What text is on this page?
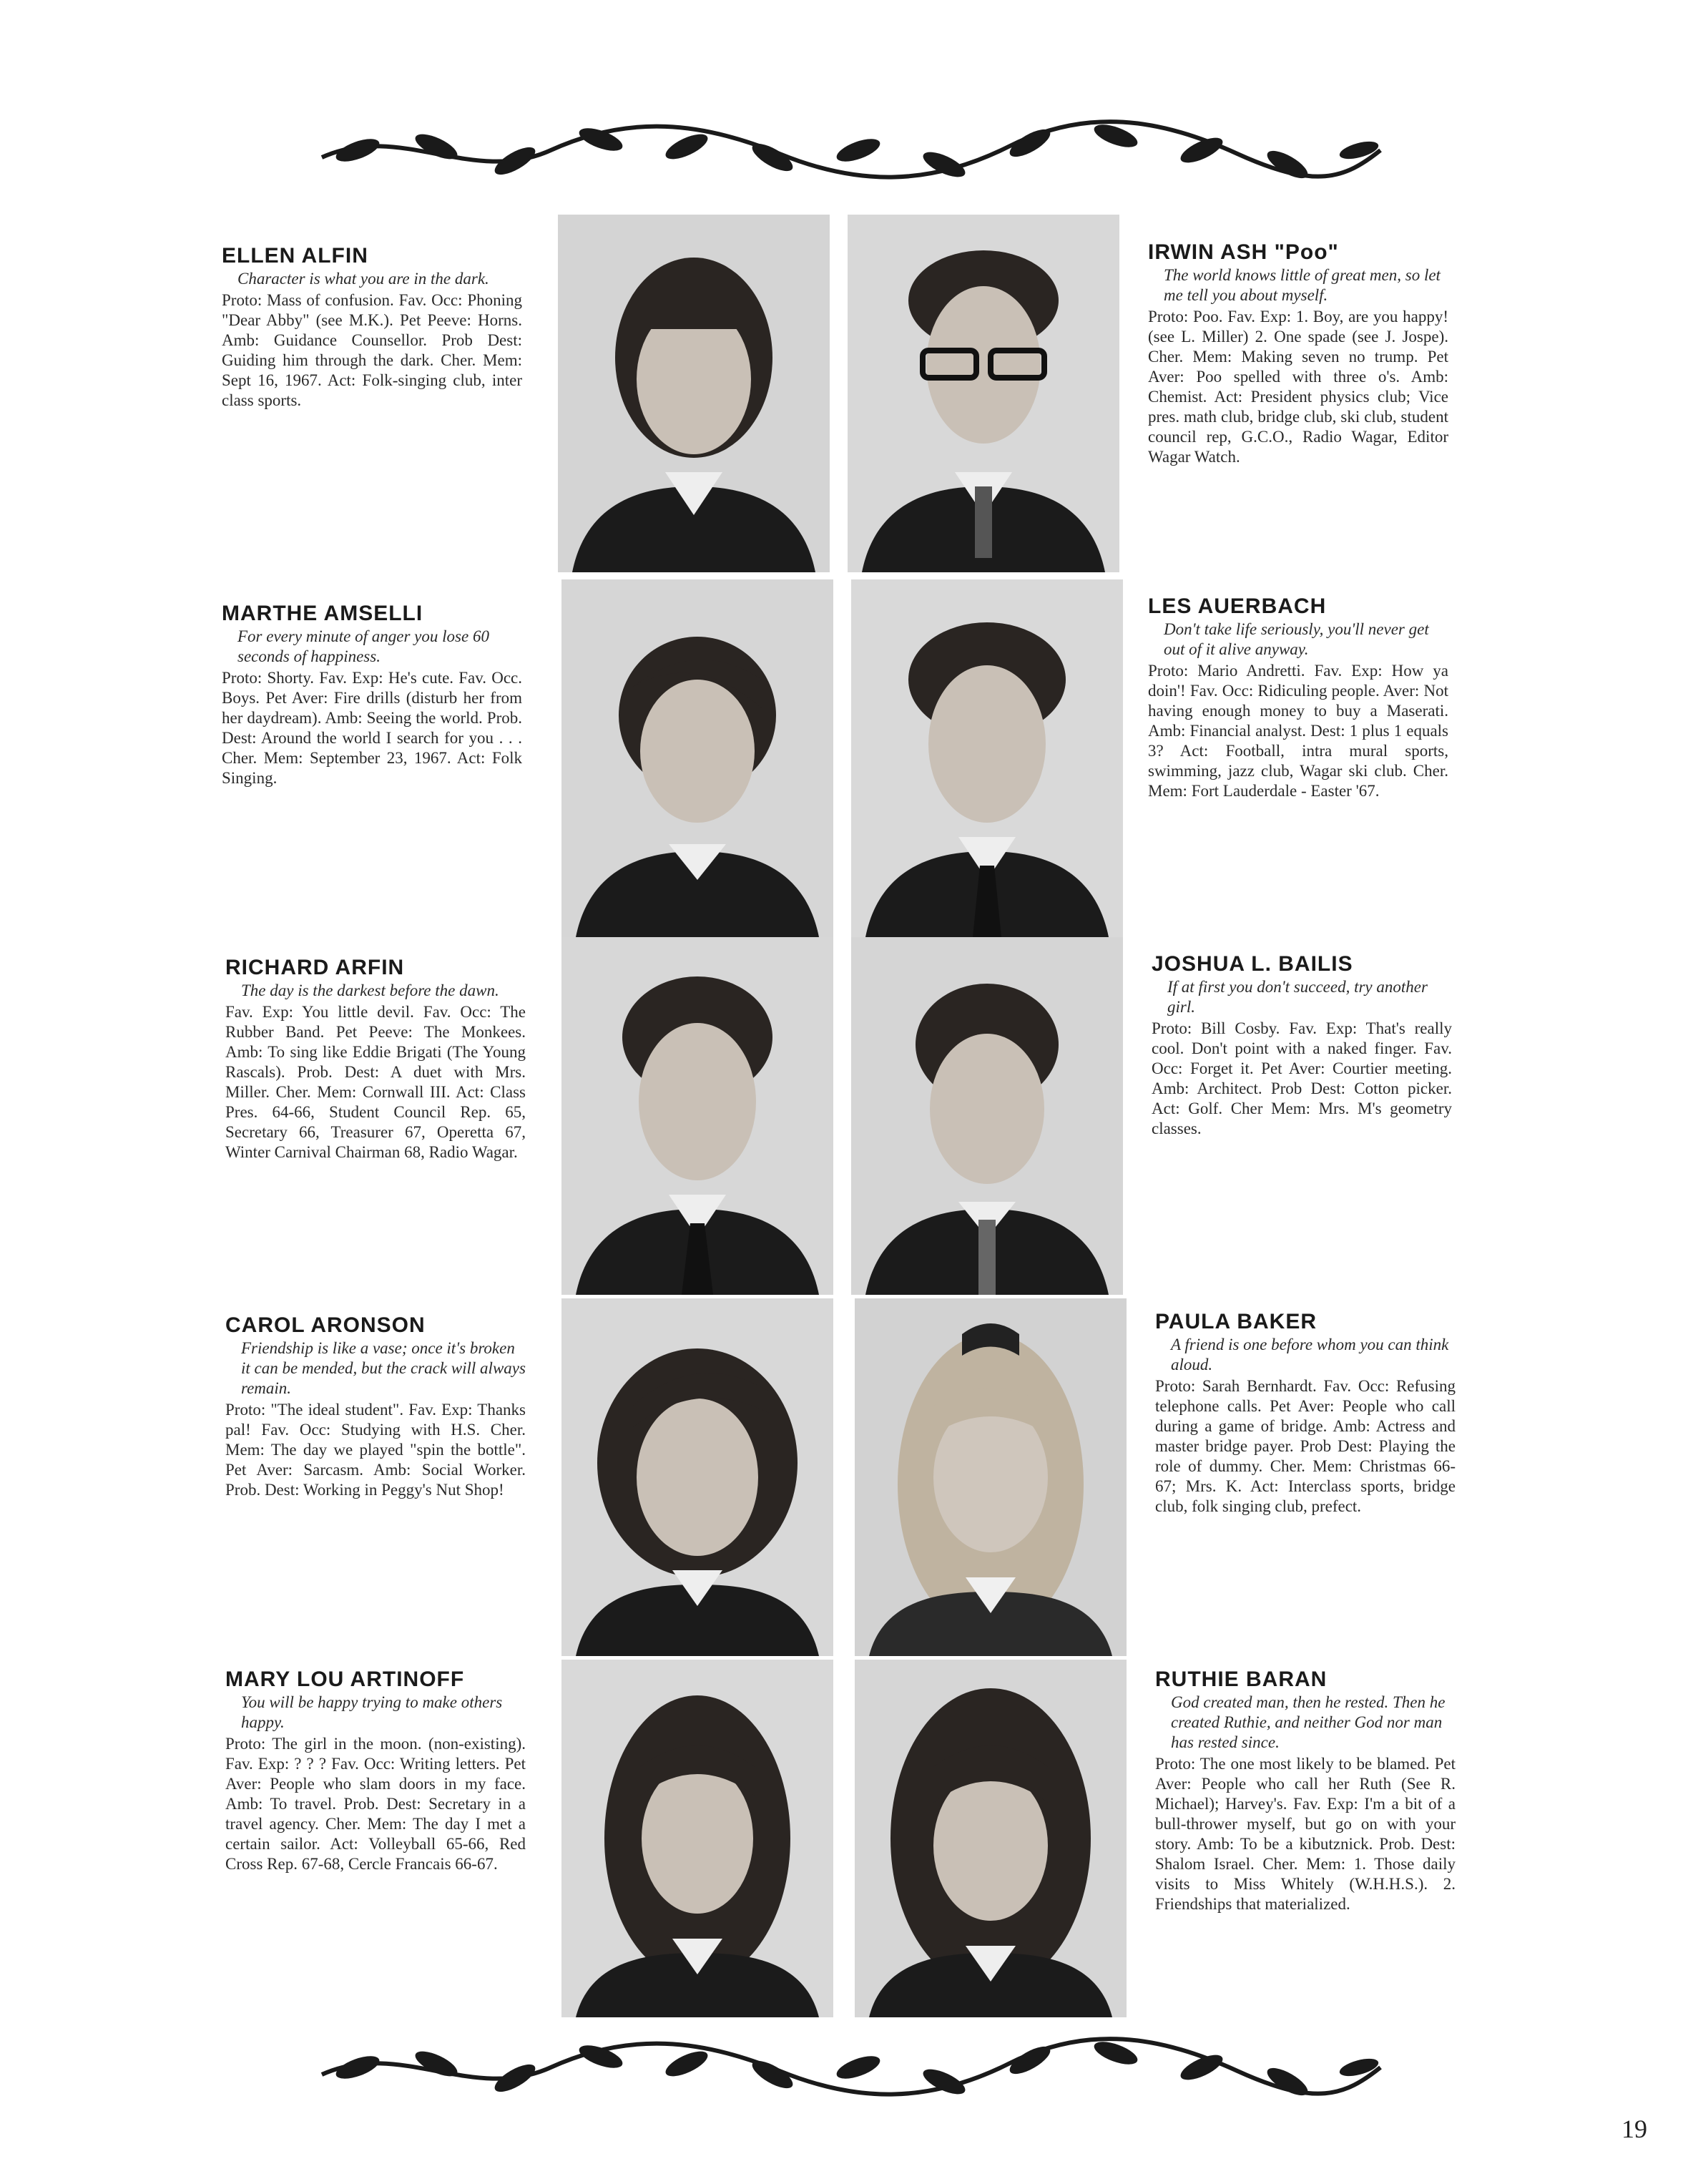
ELLEN ALFIN
Character is what you are in the dark.
Proto: Mass of confusion. Fav. Occ: Phoning "Dear Abby" (see M.K.). Pet Peeve: Horns. Amb: Guidance Counsellor. Prob Dest: Guiding him through the dark. Cher. Mem: Sept 16, 1967. Act: Folk-singing club, inter class sports.
IRWIN ASH "Poo"
The world knows little of great men, so let me tell you about myself.
Proto: Poo. Fav. Exp: 1. Boy, are you happy! (see L. Miller) 2. One spade (see J. Jospe). Cher. Mem: Making seven no trump. Pet Aver: Poo spelled with three o's. Amb: Chemist. Act: President physics club; Vice pres. math club, bridge club, ski club, student council rep, G.C.O., Radio Wagar, Editor Wagar Watch.
MARTHE AMSELLI
For every minute of anger you lose 60 seconds of happiness.
Proto: Shorty. Fav. Exp: He's cute. Fav. Occ. Boys. Pet Aver: Fire drills (disturb her from her daydream). Amb: Seeing the world. Prob. Dest: Around the world I search for you . . . Cher. Mem: September 23, 1967. Act: Folk Singing.
LES AUERBACH
Don't take life seriously, you'll never get out of it alive anyway.
Proto: Mario Andretti. Fav. Exp: How ya doin'! Fav. Occ: Ridiculing people. Aver: Not having enough money to buy a Maserati. Amb: Financial analyst. Dest: 1 plus 1 equals 3? Act: Football, intra mural sports, swimming, jazz club, Wagar ski club. Cher. Mem: Fort Lauderdale - Easter '67.
RICHARD ARFIN
The day is the darkest before the dawn.
Fav. Exp: You little devil. Fav. Occ: The Rubber Band. Pet Peeve: The Monkees. Amb: To sing like Eddie Brigati (The Young Rascals). Prob. Dest: A duet with Mrs. Miller. Cher. Mem: Cornwall III. Act: Class Pres. 64-66, Student Council Rep. 65, Secretary 66, Treasurer 67, Operetta 67, Winter Carnival Chairman 68, Radio Wagar.
JOSHUA L. BAILIS
If at first you don't succeed, try another girl.
Proto: Bill Cosby. Fav. Exp: That's really cool. Don't point with a naked finger. Fav. Occ: Forget it. Pet Aver: Courtier meeting. Amb: Architect. Prob Dest: Cotton picker. Act: Golf. Cher Mem: Mrs. M's geometry classes.
CAROL ARONSON
Friendship is like a vase; once it's broken it can be mended, but the crack will always remain.
Proto: "The ideal student". Fav. Exp: Thanks pal! Fav. Occ: Studying with H.S. Cher. Mem: The day we played "spin the bottle". Pet Aver: Sarcasm. Amb: Social Worker. Prob. Dest: Working in Peggy's Nut Shop!
PAULA BAKER
A friend is one before whom you can think aloud.
Proto: Sarah Bernhardt. Fav. Occ: Refusing telephone calls. Pet Aver: People who call during a game of bridge. Amb: Actress and master bridge payer. Prob Dest: Playing the role of dummy. Cher. Mem: Christmas 66-67; Mrs. K. Act: Interclass sports, bridge club, folk singing club, prefect.
MARY LOU ARTINOFF
You will be happy trying to make others happy.
Proto: The girl in the moon. (non-existing). Fav. Exp: ? ? ? Fav. Occ: Writing letters. Pet Aver: People who slam doors in my face. Amb: To travel. Prob. Dest: Secretary in a travel agency. Cher. Mem: The day I met a certain sailor. Act: Volleyball 65-66, Red Cross Rep. 67-68, Cercle Francais 66-67.
RUTHIE BARAN
God created man, then he rested. Then he created Ruthie, and neither God nor man has rested since.
Proto: The one most likely to be blamed. Pet Aver: People who call her Ruth (See R. Michael); Harvey's. Fav. Exp: I'm a bit of a bull-thrower myself, but go on with your story. Amb: To be a kibutznick. Prob. Dest: Shalom Israel. Cher. Mem: 1. Those daily visits to Miss Whitely (W.H.H.S.). 2. Friendships that materialized.
19
